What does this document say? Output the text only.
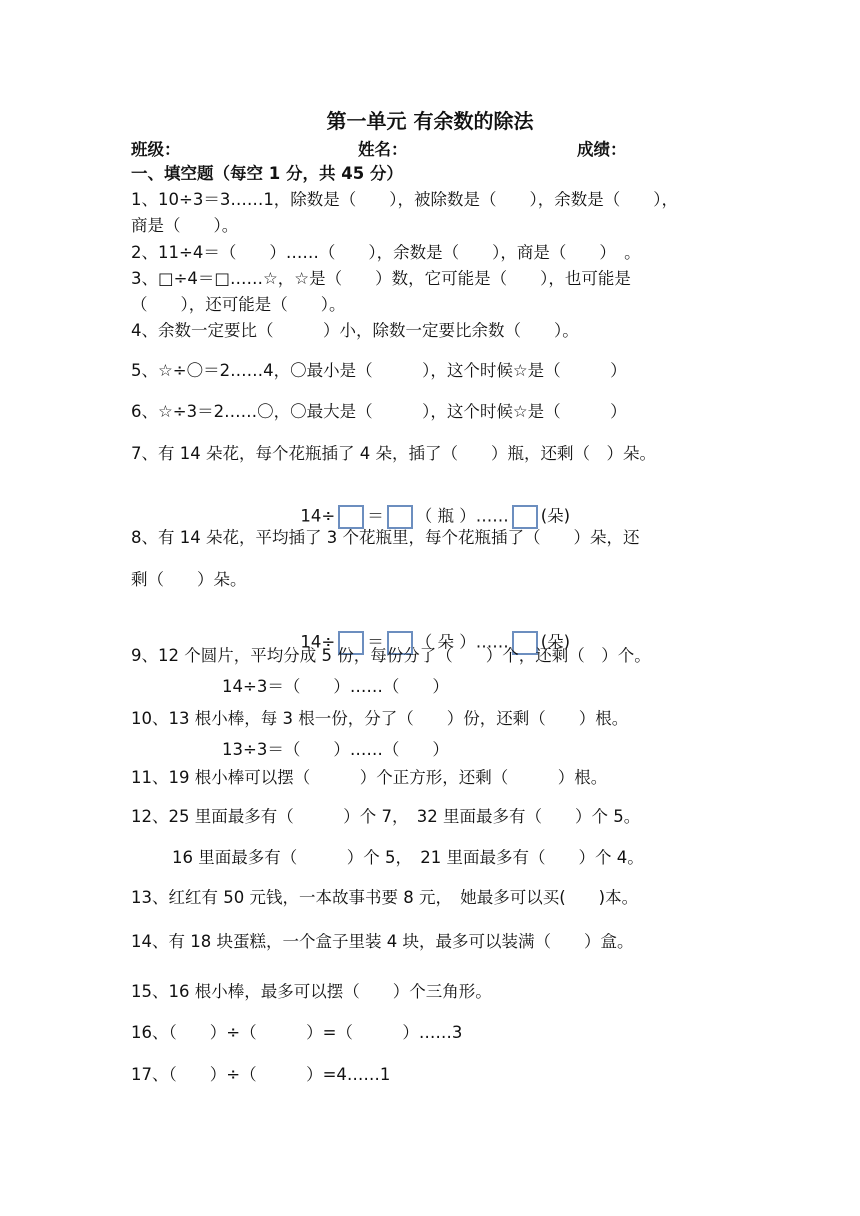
第一单元 有余数的除法
班级：	姓名：	成绩：
一、填空题（每空 1 分，共 45 分）
1、10÷3＝3……1，除数是（　　），被除数是（　　），余数是（　　），
商是（　　）。
2、11÷4＝（　　）……（　　），余数是（　　），商是（　　）　。
3、□÷4＝□……☆，☆是（　　）数，它可能是（　　），也可能是
（　　），还可能是（　　）。
4、余数一定要比（　　　）小，除数一定要比余数（　　）。
5、☆÷〇＝2……4，〇最小是（　　　），这个时候☆是（　　　）
6、☆÷3＝2……〇，〇最大是（　　　），这个时候☆是（　　　）
7、有 14 朵花，每个花瓶插了 4 朵，插了（　　）瓶，还剩（　）朵。

14÷ ＝ （ 瓶 ）…… (朵)

8、有 14 朵花，平均插了 3 个花瓶里，每个花瓶插了（　　）朵，还
剩（　　）朵。

14÷ ＝ （ 朵 ）…… (朵)

9、12 个圆片，平均分成 5 份，每份分了（　　）个，还剩（　）个。
14÷3＝（　　）……（　　）
10、13 根小棒，每 3 根一份，分了（　　）份，还剩（　　）根。
13÷3＝（　　）……（　　）
11、19 根小棒可以摆（　　　）个正方形，还剩（　　　）根。
12、25 里面最多有（　　　）个 7，　32 里面最多有（　　）个 5。
16 里面最多有（　　　）个 5，　21 里面最多有（　　）个 4。
13、红红有 50 元钱，一本故事书要 8 元，　她最多可以买(　　)本。
14、有 18 块蛋糕，一个盒子里装 4 块，最多可以装满（　　）盒。
15、16 根小棒，最多可以摆（　　）个三角形。
16、（　　）÷（　　　）=（　　　）……3
17、（　　）÷（　　　）=4……1
